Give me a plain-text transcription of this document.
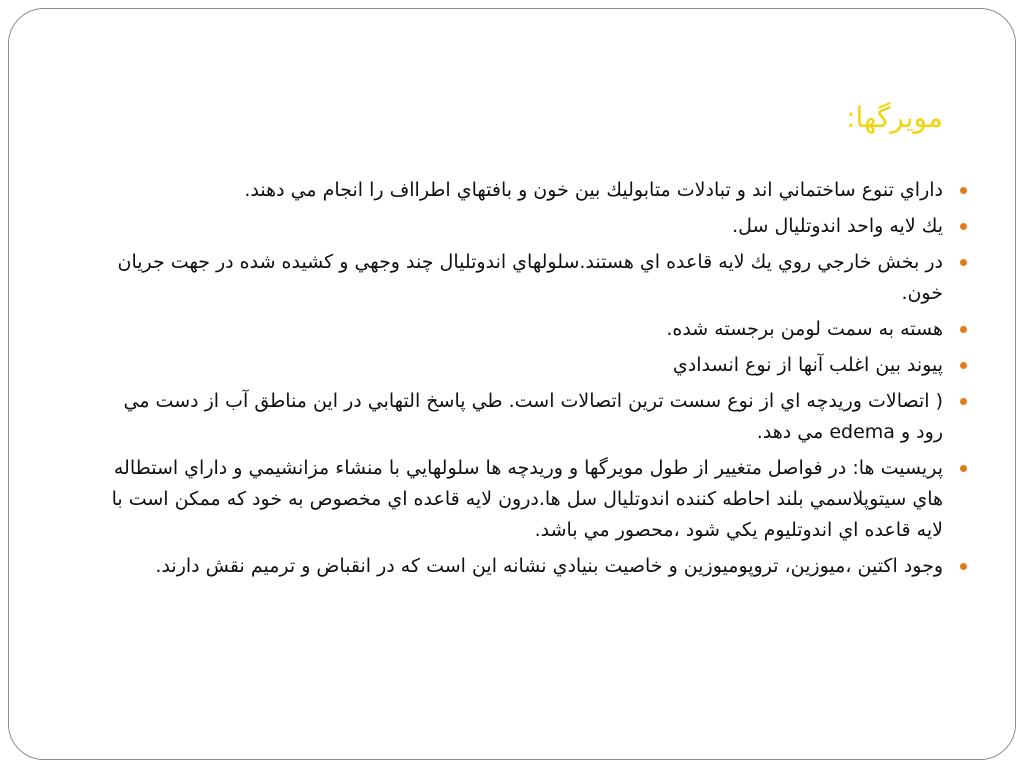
مويرگها:
داراي تنوع ساختماني اند و تبادلات متابوليك بين خون و بافتهاي اطرااف را انجام مي دهند.
يك لايه واحد اندوتليال سل.
در بخش خارجي روي يك لايه قاعده اي هستند.سلولهاي اندوتليال چند وجهي و كشيده شده در جهت جريان خون.
هسته به سمت لومن برجسته شده.
پيوند بين اغلب آنها از نوع انسدادي
( اتصالات وريدچه اي از نوع سست ترين اتصالات است. طي پاسخ التهابي در اين مناطق آب از دست مي رود و edema مي دهد.
پريسيت ها: در فواصل متغيير از طول مويرگها و وريدچه ها سلولهايي با منشاء مزانشيمي و داراي استطاله هاي سيتوپلاسمي بلند احاطه كننده اندوتليال سل ها.درون لايه قاعده اي مخصوص به خود كه ممكن است با لايه قاعده اي اندوتليوم يكي شود ،محصور مي باشد.
وجود اكتين ،ميوزين، تروپوميوزين و خاصيت بنيادي نشانه اين است كه در انقباض و ترميم نقش دارند.
